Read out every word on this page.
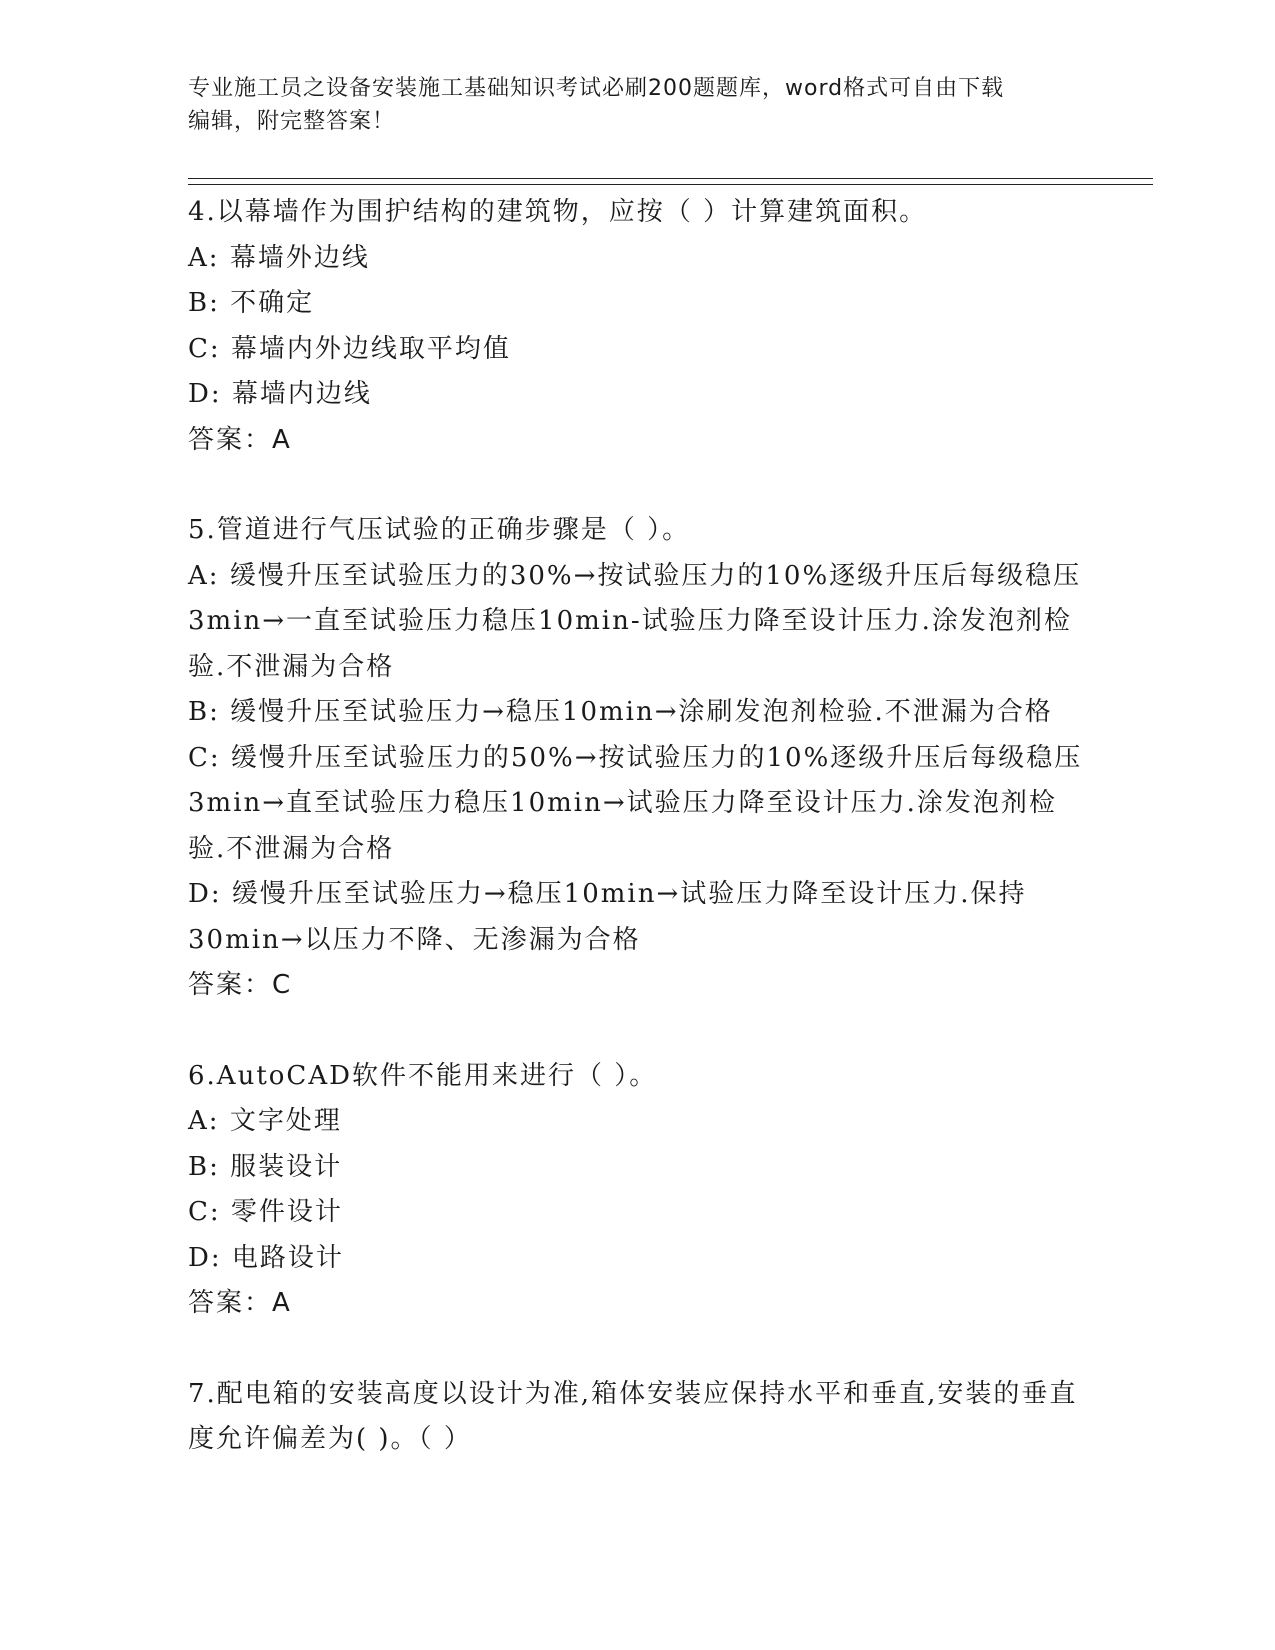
专业施工员之设备安装施工基础知识考试必刷200题题库，word格式可自由下载
编辑，附完整答案！

4.以幕墙作为围护结构的建筑物，应按（ ）计算建筑面积。

A: 幕墙外边线

B: 不确定

C: 幕墙内外边线取平均值

D: 幕墙内边线

答案：A

5.管道进行气压试验的正确步骤是（ ）。

A: 缓慢升压至试验压力的30%→按试验压力的10%逐级升压后每级稳压3min→一直至试验压力稳压10min-试验压力降至设计压力.涂发泡剂检验.不泄漏为合格

B: 缓慢升压至试验压力→稳压10min→涂刷发泡剂检验.不泄漏为合格

C: 缓慢升压至试验压力的50%→按试验压力的10%逐级升压后每级稳压3min→直至试验压力稳压10min→试验压力降至设计压力.涂发泡剂检验.不泄漏为合格

D: 缓慢升压至试验压力→稳压10min→试验压力降至设计压力.保持30min→以压力不降、无渗漏为合格

答案：C

6.AutoCAD软件不能用来进行（ ）。

A: 文字处理

B: 服装设计

C: 零件设计

D: 电路设计

答案：A

7.配电箱的安装高度以设计为准,箱体安装应保持水平和垂直,安装的垂直度允许偏差为( )。（ ）
